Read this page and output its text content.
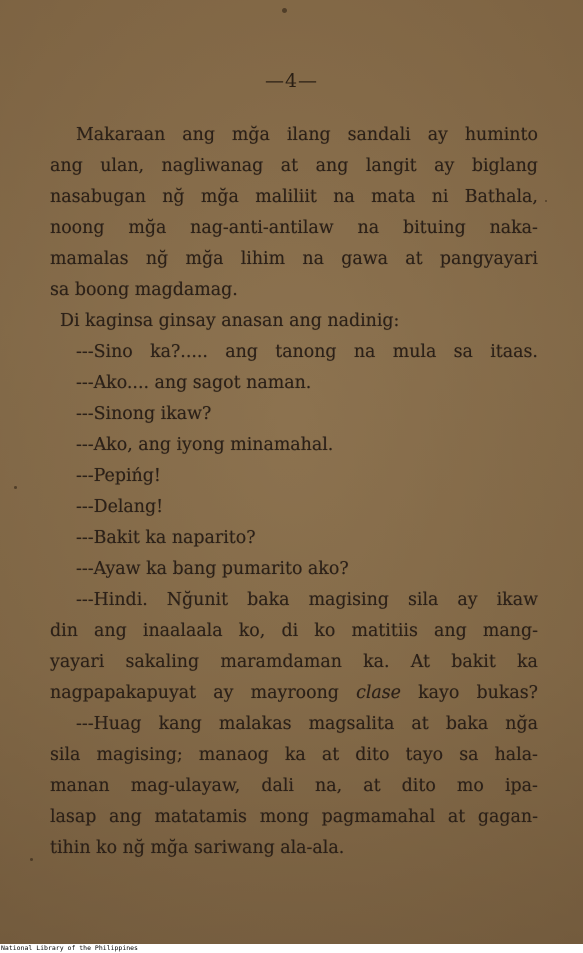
—4—
Makaraan ang mğa ilang sandali ay huminto
ang ulan, nagliwanag at ang langit ay biglang
nasabugan nğ mğa maliliit na mata ni Bathala,
noong mğa nag-anti-antilaw na bituing naka-
mamalas nğ mğa lihim na gawa at pangyayari
sa boong magdamag.
Di kaginsa ginsay anasan ang nadinig:
---Sino ka?..... ang tanong na mula sa itaas.
---Ako.... ang sagot naman.
---Sinong ikaw?
---Ako, ang iyong minamahal.
---Pepińg!
---Delang!
---Bakit ka naparito?
---Ayaw ka bang pumarito ako?
---Hindi. Nğunit baka magising sila ay ikaw
din ang inaalaala ko, di ko matitiis ang mang-
yayari sakaling maramdaman ka. At bakit ka
nagpapakapuyat ay mayroong clase kayo bukas?
---Huag kang malakas magsalita at baka nğa
sila magising; manaog ka at dito tayo sa hala-
manan mag-ulayaw, dali na, at dito mo ipa-
lasap ang matatamis mong pagmamahal at gagan-
tihin ko nğ mğa sariwang ala-ala.
National Library of the Philippines
